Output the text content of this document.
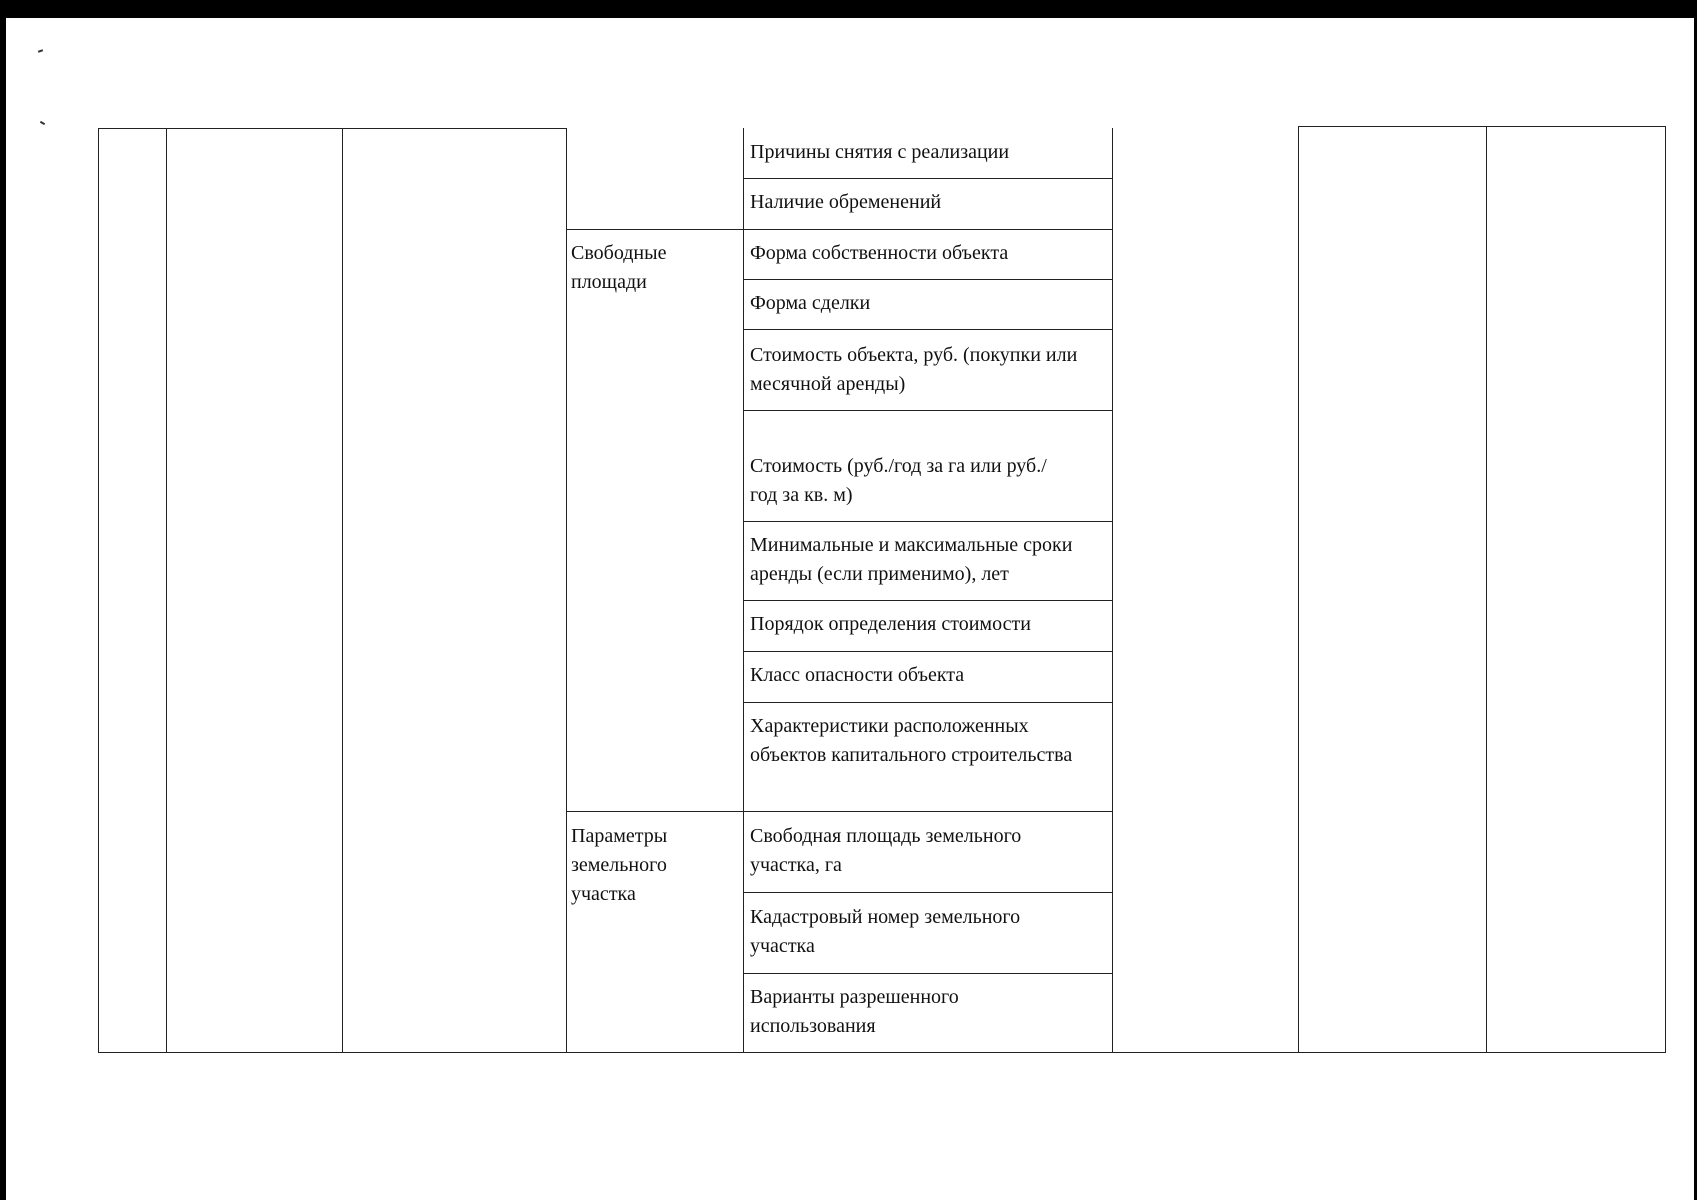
Свободные площади
Параметры земельного участка
Причины снятия с реализации
Наличие обременений
Форма собственности объекта
Форма сделки
Стоимость объекта, руб. (покупки или месячной аренды)
Стоимость (руб./год за га или руб./год за кв. м)
Минимальные и максимальные сроки аренды (если применимо), лет
Порядок определения стоимости
Класс опасности объекта
Характеристики расположенных объектов капитального строительства
Свободная площадь земельного участка, га
Кадастровый номер земельного участка
Варианты разрешенного использования
